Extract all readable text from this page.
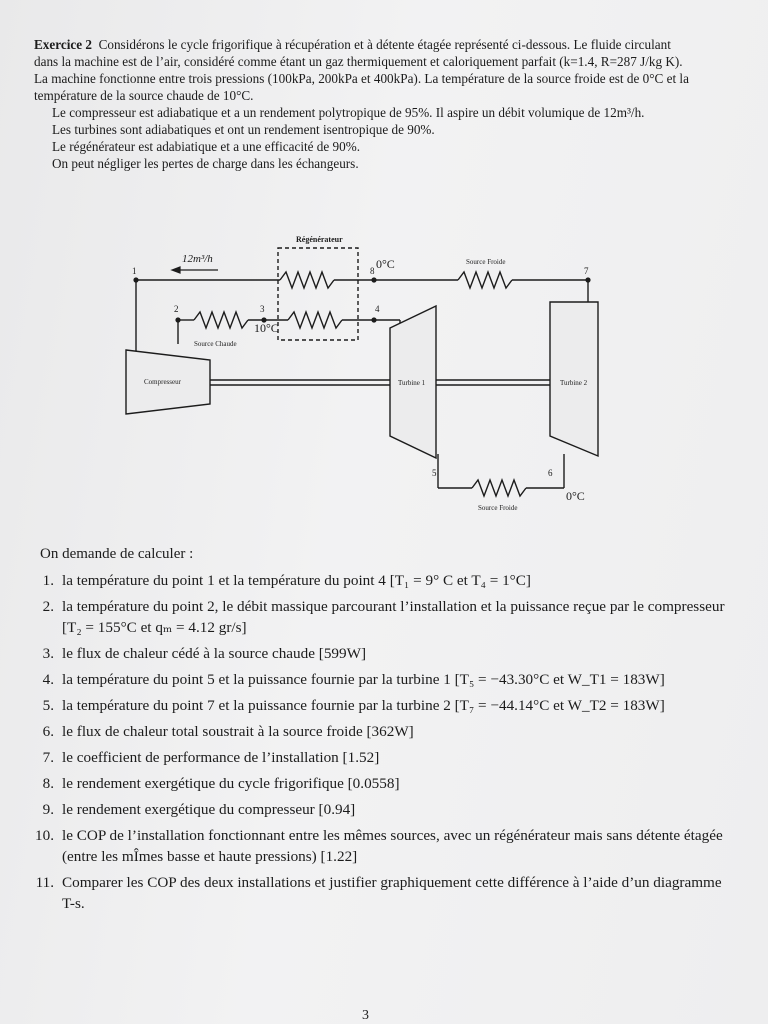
Exercice 2 Considérons le cycle frigorifique à récupération et à détente étagée représenté ci-dessous. Le fluide circulant dans la machine est de l’air, considéré comme étant un gaz thermiquement et caloriquement parfait (k=1.4, R=287 J/kg K). La machine fonctionne entre trois pressions (100kPa, 200kPa et 400kPa). La température de la source froide est de 0°C et la température de la source chaude de 10°C.

Le compresseur est adiabatique et a un rendement polytropique de 95%. Il aspire un débit volumique de 12m³/h.

Les turbines sont adiabatiques et ont un rendement isentropique de 90%.

Le régénérateur est adabiatique et a une efficacité de 90%.

On peut négliger les pertes de charge dans les échangeurs.

Régénérateur
12m³/h	0°C
10°C
0°C
Source Froide
Source Froide
Source Chaude
Compresseur	Turbine 1	Turbine 2
1
2	3	4
5	6
7
8
On demande de calculer :
1. la température du point 1 et la température du point 4 [T₁ = 9° C et T₄ = 1°C]
2. la température du point 2, le débit massique parcourant l’installation et la puissance reçue par le compresseur [T₂ = 155°C et qₘ = 4.12 gr/s]
3. le flux de chaleur cédé à la source chaude [599W]
4. la température du point 5 et la puissance fournie par la turbine 1 [T₅ = −43.30°C et W_T1 = 183W]
5. la température du point 7 et la puissance fournie par la turbine 2 [T₇ = −44.14°C et W_T2 = 183W]
6. le flux de chaleur total soustrait à la source froide [362W]
7. le coefficient de performance de l’installation [1.52]
8. le rendement exergétique du cycle frigorifique [0.0558]
9. le rendement exergétique du compresseur [0.94]
10. le COP de l’installation fonctionnant entre les mêmes sources, avec un régénérateur mais sans détente étagée (entre les mÎmes basse et haute pressions) [1.22]
11. Comparer les COP des deux installations et justifier graphiquement cette différence à l’aide d’un diagramme T-s.
3
